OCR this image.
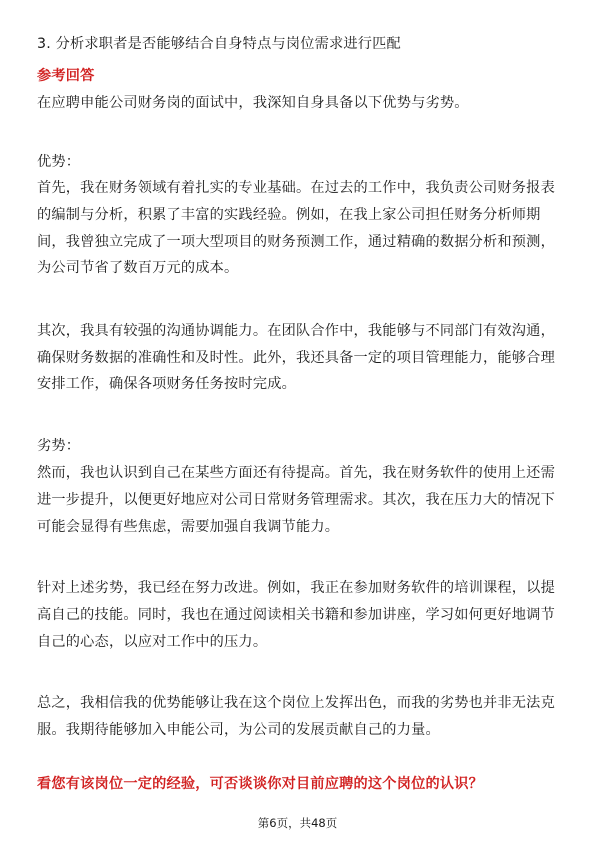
3. 分析求职者是否能够结合自身特点与岗位需求进行匹配
参考回答
在应聘申能公司财务岗的面试中，我深知自身具备以下优势与劣势。
优势：
首先，我在财务领域有着扎实的专业基础。在过去的工作中，我负责公司财务报表
的编制与分析，积累了丰富的实践经验。例如，在我上家公司担任财务分析师期
间，我曾独立完成了一项大型项目的财务预测工作，通过精确的数据分析和预测，
为公司节省了数百万元的成本。
其次，我具有较强的沟通协调能力。在团队合作中，我能够与不同部门有效沟通，
确保财务数据的准确性和及时性。此外，我还具备一定的项目管理能力，能够合理
安排工作，确保各项财务任务按时完成。
劣势：
然而，我也认识到自己在某些方面还有待提高。首先，我在财务软件的使用上还需
进一步提升，以便更好地应对公司日常财务管理需求。其次，我在压力大的情况下
可能会显得有些焦虑，需要加强自我调节能力。
针对上述劣势，我已经在努力改进。例如，我正在参加财务软件的培训课程，以提
高自己的技能。同时，我也在通过阅读相关书籍和参加讲座，学习如何更好地调节
自己的心态，以应对工作中的压力。
总之，我相信我的优势能够让我在这个岗位上发挥出色，而我的劣势也并非无法克
服。我期待能够加入申能公司，为公司的发展贡献自己的力量。
看您有该岗位一定的经验，可否谈谈你对目前应聘的这个岗位的认识？
第6页，共48页
